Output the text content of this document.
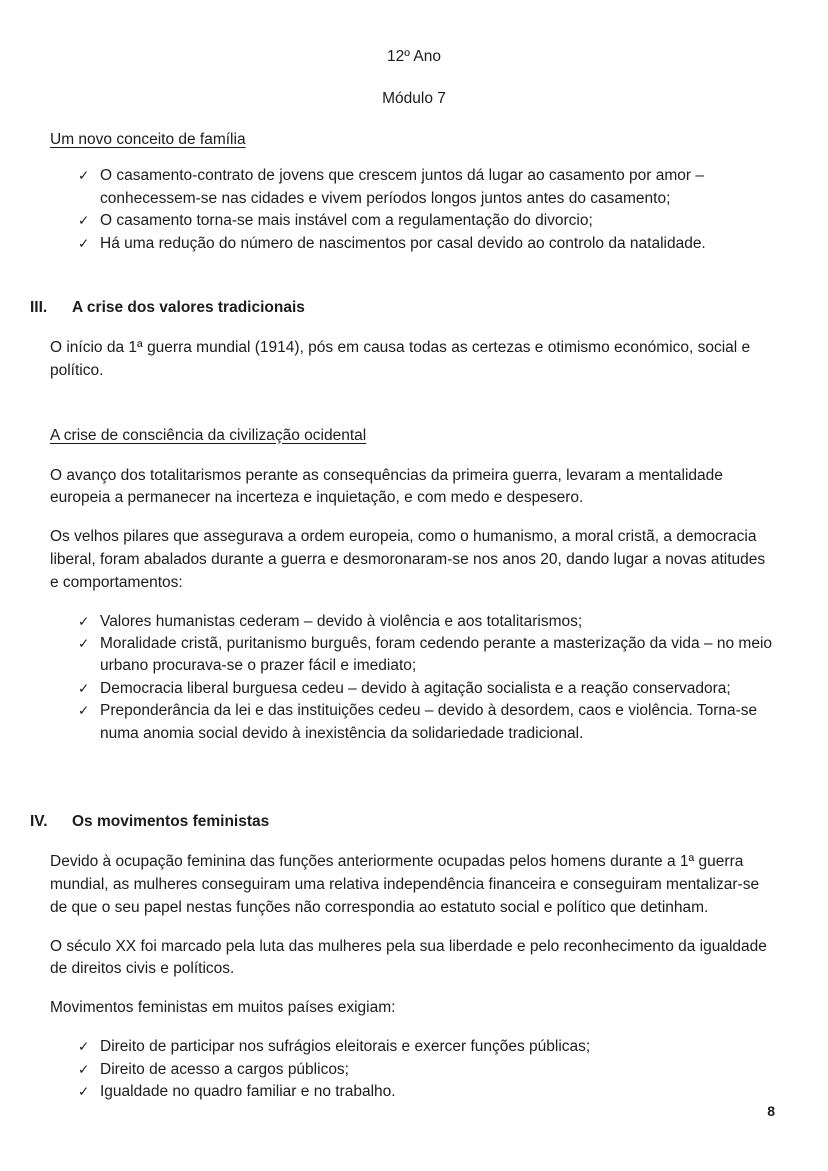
12º Ano
Módulo 7
Um novo conceito de família
✓ O casamento-contrato de jovens que crescem juntos dá lugar ao casamento por amor – conhecessem-se nas cidades e vivem períodos longos juntos antes do casamento;
✓ O casamento torna-se mais instável com a regulamentação do divorcio;
✓ Há uma redução do número de nascimentos por casal devido ao controlo da natalidade.
III.	A crise dos valores tradicionais

O início da 1ª guerra mundial (1914), pós em causa todas as certezas e otimismo económico, social e político.

A crise de consciência da civilização ocidental

O avanço dos totalitarismos perante as consequências da primeira guerra, levaram a mentalidade europeia a permanecer na incerteza e inquietação, e com medo e despesero.

Os velhos pilares que assegurava a ordem europeia, como o humanismo, a moral cristã, a democracia liberal, foram abalados durante a guerra e desmoronaram-se nos anos 20, dando lugar a novas atitudes e comportamentos:

✓ Valores humanistas cederam – devido à violência e aos totalitarismos;
✓ Moralidade cristã, puritanismo burguês, foram cedendo perante a masterização da vida – no meio urbano procurava-se o prazer fácil e imediato;
✓ Democracia liberal burguesa cedeu – devido à agitação socialista e a reação conservadora;
✓ Preponderância da lei e das instituições cedeu – devido à desordem, caos e violência. Torna-se numa anomia social devido à inexistência da solidariedade tradicional.
IV.	Os movimentos feministas

Devido à ocupação feminina das funções anteriormente ocupadas pelos homens durante a 1ª guerra mundial, as mulheres conseguiram uma relativa independência financeira e conseguiram mentalizar-se de que o seu papel nestas funções não correspondia ao estatuto social e político que detinham.

O século XX foi marcado pela luta das mulheres pela sua liberdade e pelo reconhecimento da igualdade de direitos civis e políticos.

Movimentos feministas em muitos países exigiam:

✓ Direito de participar nos sufrágios eleitorais e exercer funções públicas;
✓ Direito de acesso a cargos públicos;
✓ Igualdade no quadro familiar e no trabalho.
8
